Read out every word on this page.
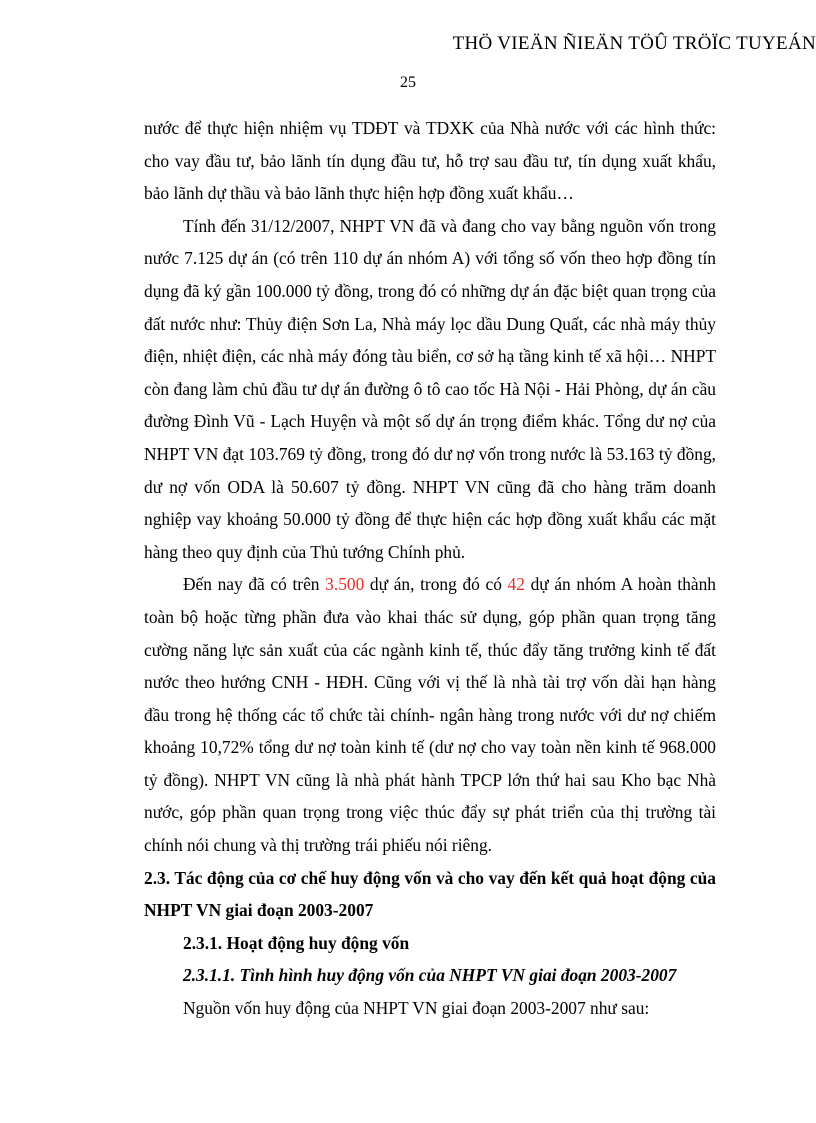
THÖ VIEÄN ÑIEÄN TÖÛ TRÖÏC TUYEÁN
25

nước để thực hiện nhiệm vụ TDĐT và TDXK của Nhà nước với các hình thức: cho vay đầu tư, bảo lãnh tín dụng đầu tư, hỗ trợ sau đầu tư, tín dụng xuất khẩu, bảo lãnh dự thầu và bảo lãnh thực hiện hợp đồng xuất khẩu…

Tính đến 31/12/2007, NHPT VN đã và đang cho vay bằng nguồn vốn trong nước 7.125 dự án (có trên 110 dự án nhóm A) với tổng số vốn theo hợp đồng tín dụng đã ký gần 100.000 tỷ đồng, trong đó có những dự án đặc biệt quan trọng của đất nước như: Thủy điện Sơn La, Nhà máy lọc dầu Dung Quất, các nhà máy thủy điện, nhiệt điện, các nhà máy đóng tàu biển, cơ sở hạ tầng kinh tế xã hội… NHPT còn đang làm chủ đầu tư dự án đường ô tô cao tốc Hà Nội - Hải Phòng, dự án cầu đường Đình Vũ - Lạch Huyện và một số dự án trọng điểm khác. Tổng dư nợ của NHPT VN đạt 103.769 tỷ đồng, trong đó dư nợ vốn trong nước là 53.163 tỷ đồng, dư nợ vốn ODA là 50.607 tỷ đồng. NHPT VN cũng đã cho hàng trăm doanh nghiệp vay khoảng 50.000 tỷ đồng để thực hiện các hợp đồng xuất khẩu các mặt hàng theo quy định của Thủ tướng Chính phủ.

Đến nay đã có trên 3.500 dự án, trong đó có 42 dự án nhóm A hoàn thành toàn bộ hoặc từng phần đưa vào khai thác sử dụng, góp phần quan trọng tăng cường năng lực sản xuất của các ngành kinh tế, thúc đẩy tăng trưởng kinh tế đất nước theo hướng CNH - HĐH. Cũng với vị thế là nhà tài trợ vốn dài hạn hàng đầu trong hệ thống các tổ chức tài chính- ngân hàng trong nước với dư nợ chiếm khoảng 10,72% tổng dư nợ toàn kinh tế (dư nợ cho vay toàn nền kinh tế 968.000 tỷ đồng). NHPT VN cũng là nhà phát hành TPCP lớn thứ hai sau Kho bạc Nhà nước, góp phần quan trọng trong việc thúc đẩy sự phát triển của thị trường tài chính nói chung và thị trường trái phiếu nói riêng.

2.3. Tác động của cơ chế huy động vốn và cho vay đến kết quả hoạt động của NHPT VN giai đoạn 2003-2007

2.3.1. Hoạt động huy động vốn

2.3.1.1. Tình hình huy động vốn của NHPT VN giai đoạn 2003-2007

Nguồn vốn huy động của NHPT VN giai đoạn 2003-2007 như sau:
